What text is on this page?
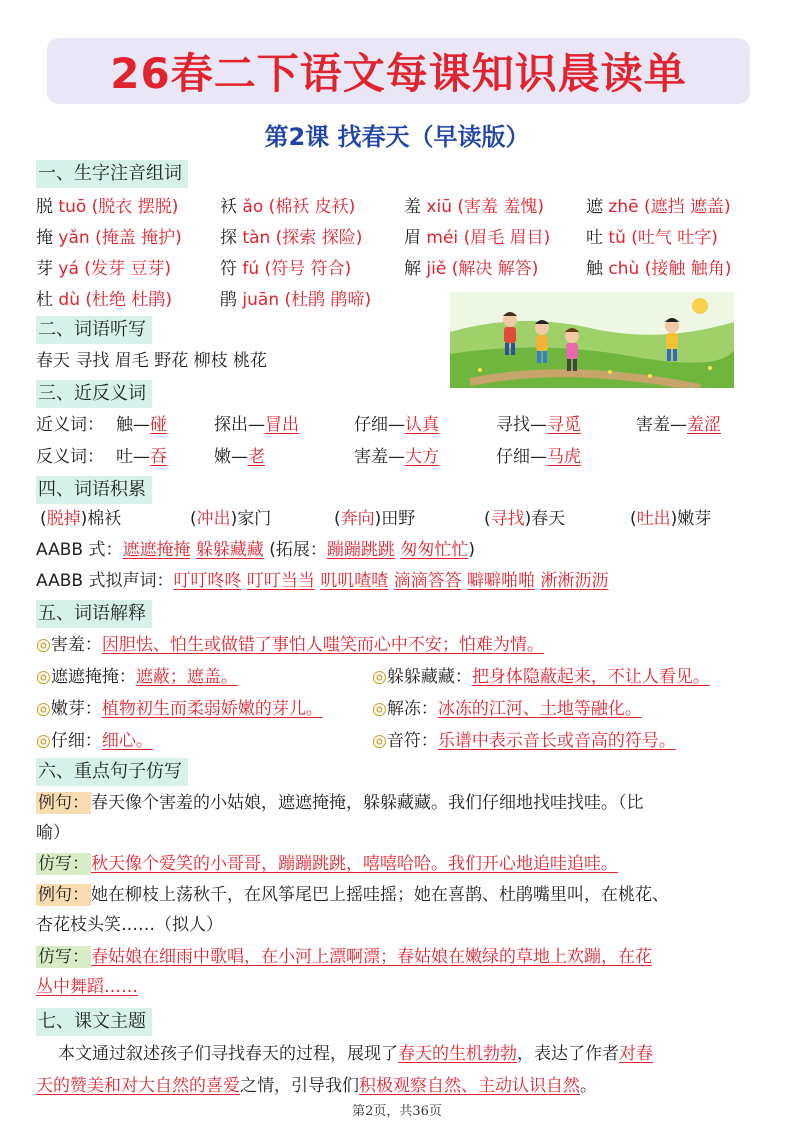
26春二下语文每课知识晨读单
第2课 找春天（早读版）
一、生字注音组词
脱 tuō (脱衣 摆脱) 袄 ǎo (棉袄 皮袄)	羞 xiū (害羞 羞愧) 遮 zhē (遮挡 遮盖)
掩 yǎn (掩盖 掩护) 探 tàn (探索 探险) 眉 méi (眉毛 眉目) 吐 tǔ (吐气 吐字)
芽 yá (发芽 豆芽)	符 fú (符号 符合)	解 jiě (解决 解答)	触 chù (接触 触角)
杜 dù (杜绝 杜鹃)	鹃 juān (杜鹃 鹃啼)
二、词语听写
春天 寻找 眉毛 野花 柳枝 桃花
三、近反义词
近义词： 触—碰	探出—冒出	仔细—认真	寻找—寻觅	害羞—羞涩
反义词： 吐—吞	嫩—老	害羞—大方	仔细—马虎
四、词语积累
(脱掉)棉袄	(冲出)家门	(奔向)田野	(寻找)春天	(吐出)嫩芽
AABB 式：遮遮掩掩 躲躲藏藏 (拓展：蹦蹦跳跳 匆匆忙忙)
AABB 式拟声词：叮叮咚咚 叮叮当当 叽叽喳喳 滴滴答答 噼噼啪啪 淅淅沥沥
五、词语解释
◎害羞：因胆怯、怕生或做错了事怕人嗤笑而心中不安；怕难为情。
◎遮遮掩掩：遮蔽；遮盖。	◎躲躲藏藏：把身体隐蔽起来，不让人看见。
◎嫩芽：植物初生而柔弱娇嫩的芽儿。	◎解冻：冰冻的江河、土地等融化。
◎仔细：细心。	◎音符：乐谱中表示音长或音高的符号。
六、重点句子仿写
例句： 春天像个害羞的小姑娘，遮遮掩掩，躲躲藏藏。我们仔细地找哇找哇。（比
喻）
仿写： 秋天像个爱笑的小哥哥，蹦蹦跳跳，嘻嘻哈哈。我们开心地追哇追哇。
例句： 她在柳枝上荡秋千，在风筝尾巴上摇哇摇；她在喜鹊、杜鹃嘴里叫，在桃花、
杏花枝头笑……（拟人）
仿写： 春姑娘在细雨中歌唱，在小河上漂啊漂；春姑娘在嫩绿的草地上欢蹦，在花
丛中舞蹈……
七、课文主题
本文通过叙述孩子们寻找春天的过程，展现了春天的生机勃勃，表达了作者对春
天的赞美和对大自然的喜爱之情，引导我们积极观察自然、主动认识自然。
第2页，共36页
